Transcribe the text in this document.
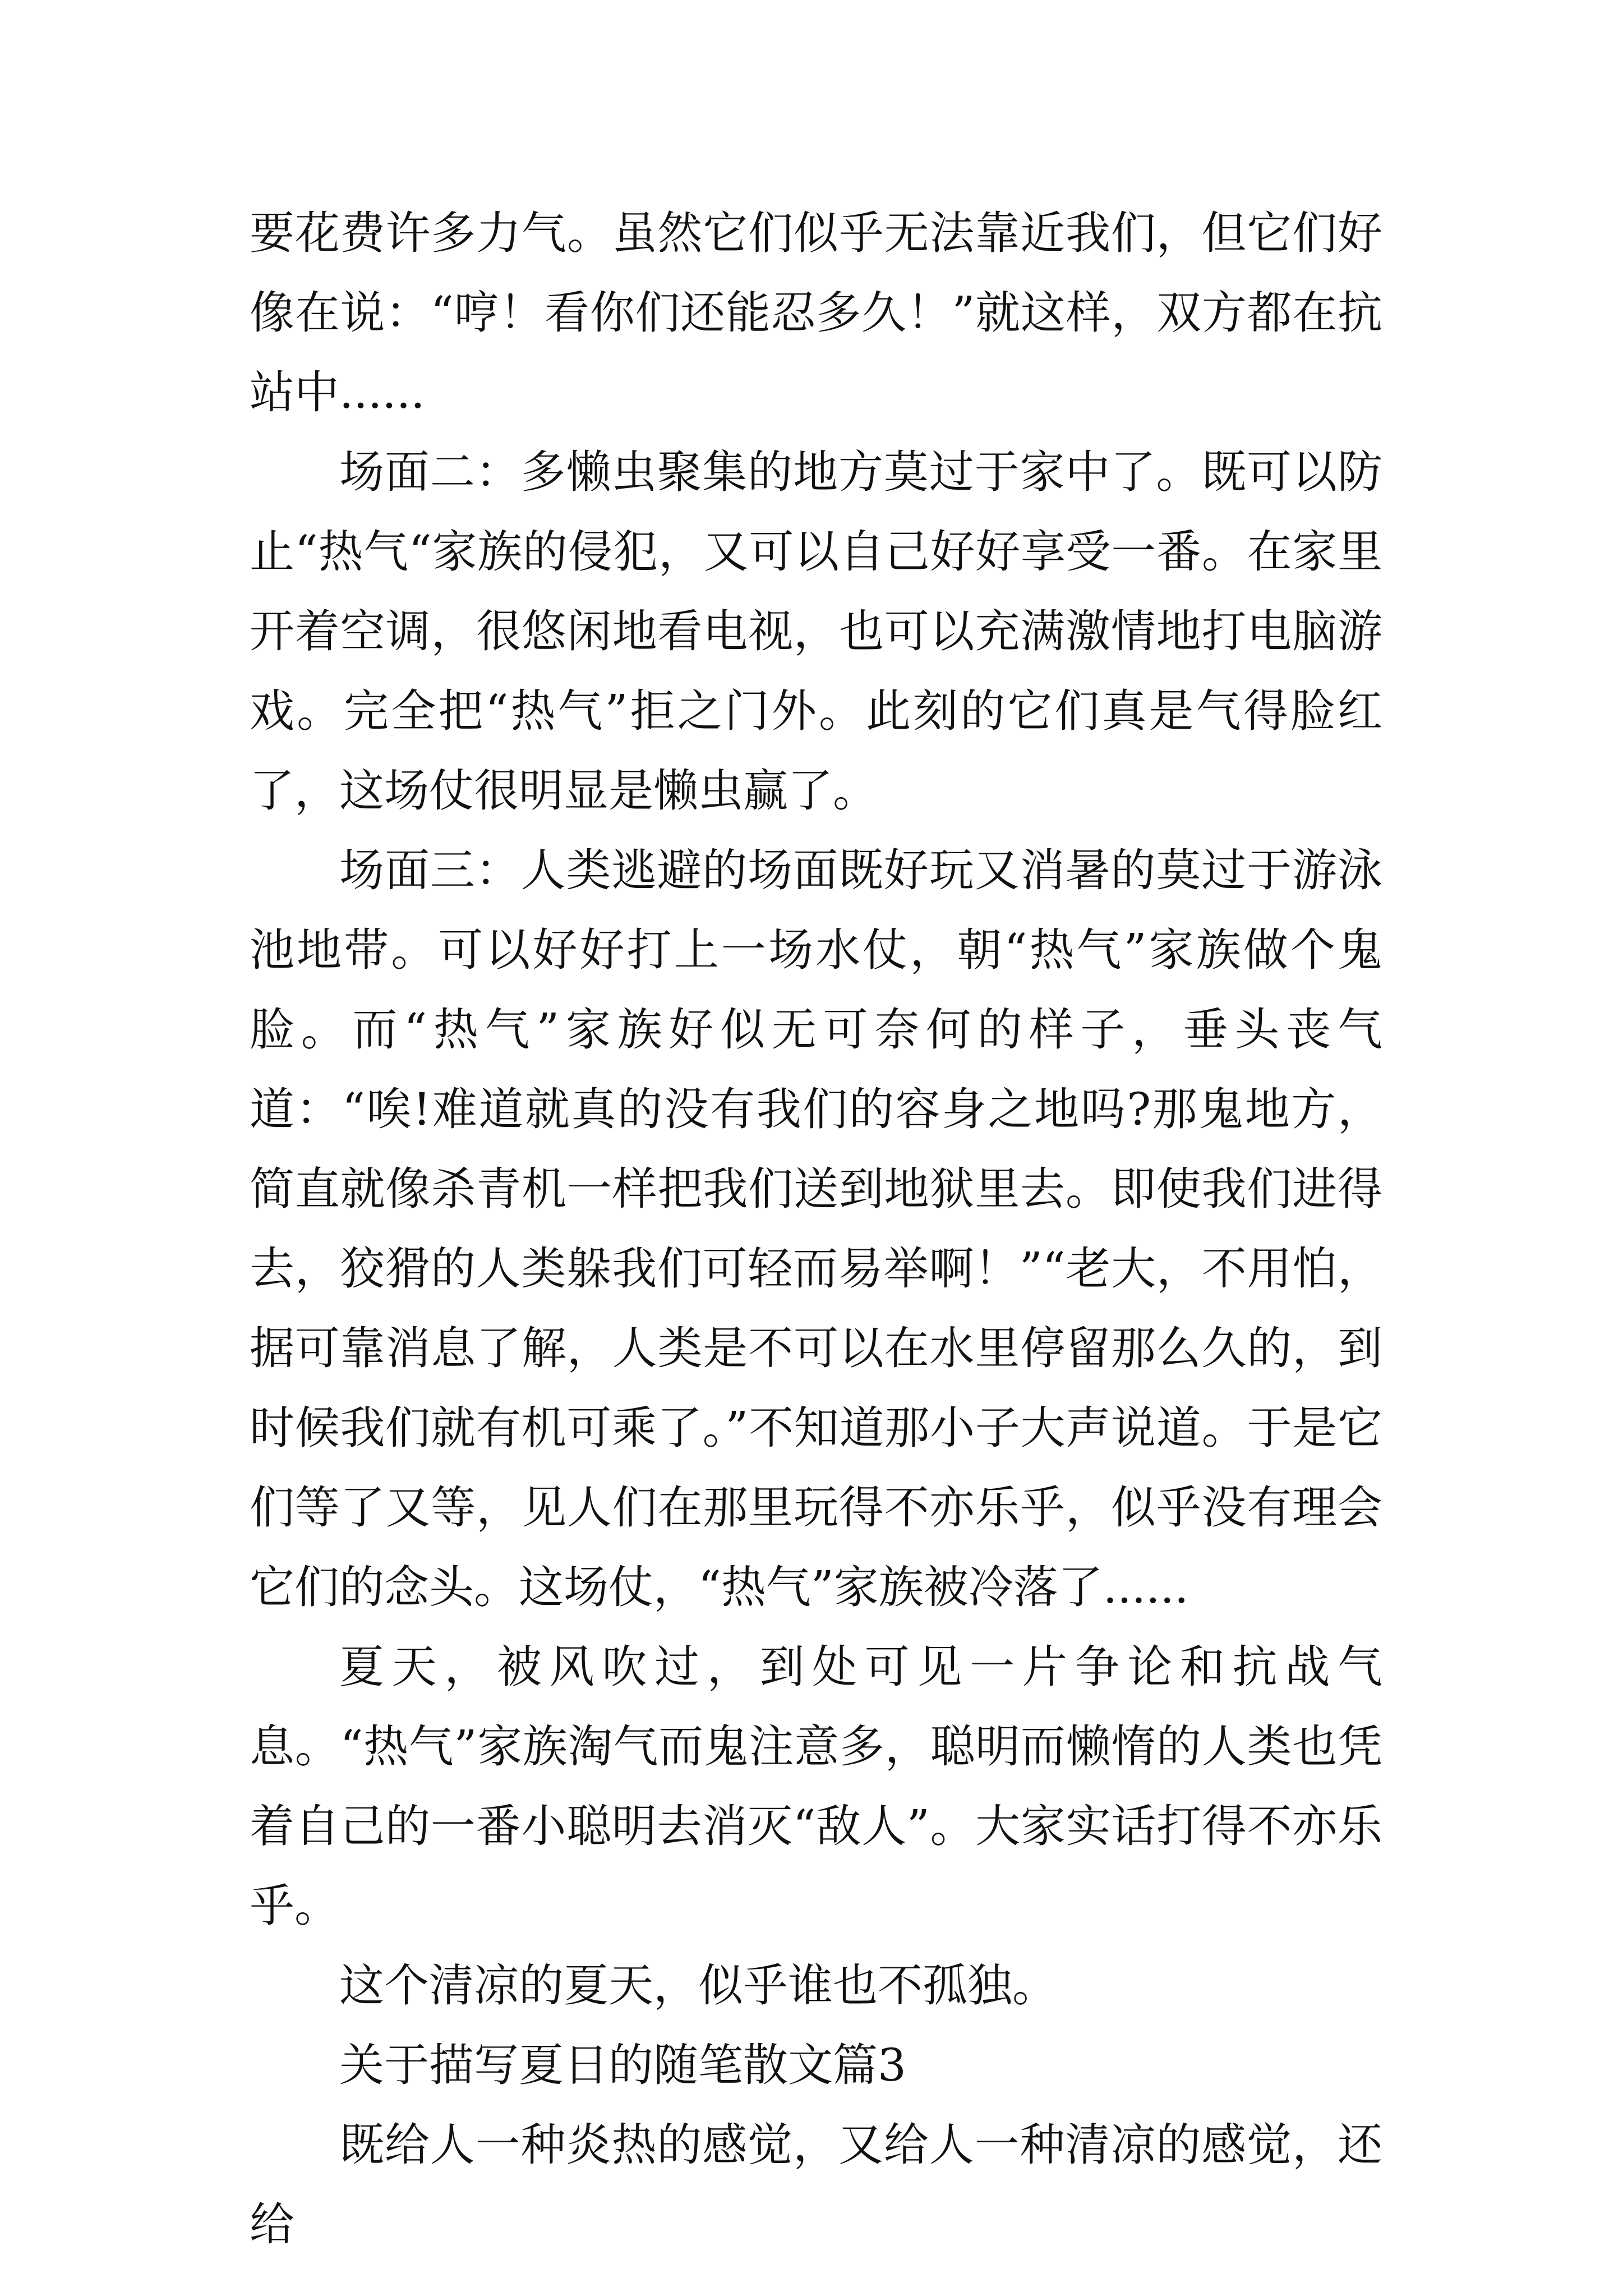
要花费许多力气。虽然它们似乎无法靠近我们，但它们好像在说：“哼！看你们还能忍多久！”就这样，双方都在抗站中......

场面二：多懒虫聚集的地方莫过于家中了。既可以防止“热气“家族的侵犯，又可以自己好好享受一番。在家里开着空调，很悠闲地看电视，也可以充满激情地打电脑游戏。完全把“热气”拒之门外。此刻的它们真是气得脸红了，这场仗很明显是懒虫赢了。

场面三：人类逃避的场面既好玩又消暑的莫过于游泳池地带。可以好好打上一场水仗，朝“热气”家族做个鬼脸。而“热气”家族好似无可奈何的样子，垂头丧气道：“唉!难道就真的没有我们的容身之地吗?那鬼地方，简直就像杀青机一样把我们送到地狱里去。即使我们进得去，狡猾的人类躲我们可轻而易举啊！”“老大，不用怕，据可靠消息了解，人类是不可以在水里停留那么久的，到时候我们就有机可乘了。”不知道那小子大声说道。于是它们等了又等，见人们在那里玩得不亦乐乎，似乎没有理会它们的念头。这场仗，“热气”家族被冷落了......

夏天，被风吹过，到处可见一片争论和抗战气息。“热气”家族淘气而鬼注意多，聪明而懒惰的人类也凭着自己的一番小聪明去消灭“敌人”。大家实话打得不亦乐乎。

这个清凉的夏天，似乎谁也不孤独。

关于描写夏日的随笔散文篇3

既给人一种炎热的感觉，又给人一种清凉的感觉，还给
